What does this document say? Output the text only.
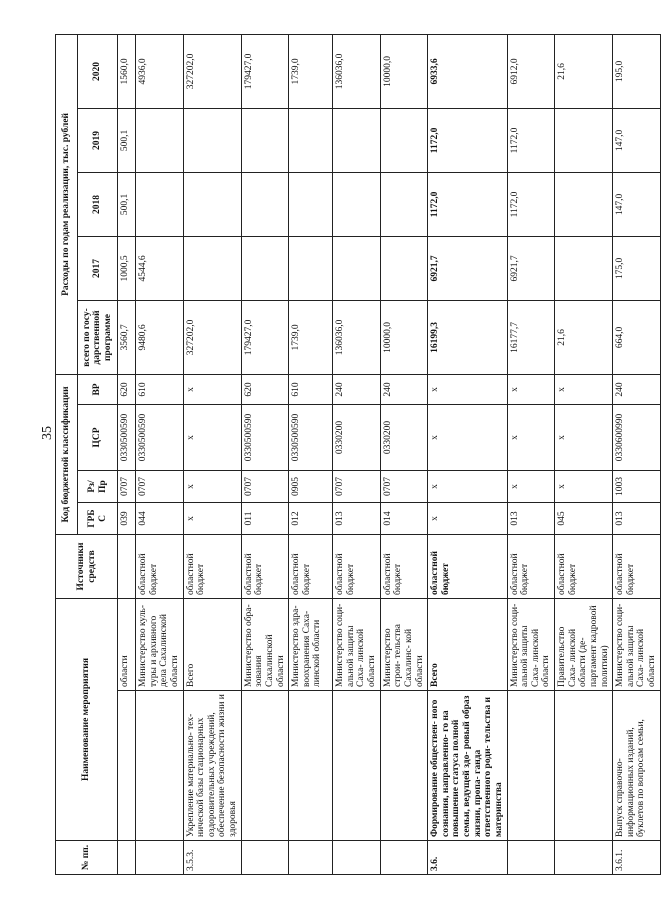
35
№ пп.	Наименование мероприятия		Источники средств	Код бюджетной классификации				Расходы по годам реализации, тыс. рублей				
				ГРБ С	Рз/ Пр	ЦСР	ВР	всего по госу- дарственной программе	2017	2018	2019	2020
		области		039	0707	0330500590	620	3560,7	1000,5	500,1	500,1	1560,0
		Министерство куль- туры и архивного дела Сахалинской области	областной бюджет	044	0707	0330500590	610	9480,6	4544,6			4936,0
3.5.3.	Укрепление материально- тех- нической базы стационарных оздоровительных учреждений, обеспечение безопасности жизни и здоровья	Всего	областной бюджет	х	х	х	х	327202,0				327202,0
		Министерство обра- зования Сахалинской области	областной бюджет	011	0707	0330500590	620	179427,0				179427,0
		Министерство здра- воохранения Саха- линской области	областной бюджет	012	0905	0330500590	610	1739,0				1739,0
		Министерство соци- альной защиты Саха- линской области	областной бюджет	013	0707	0330200	240	136036,0				136036,0
		Министерство строи- тельства Сахалинс- кой области	областной бюджет	014	0707	0330200	240	10000,0				10000,0
3.6.	Формирование обществен- ного сознания, направленно- го на повышение статуса полной семьи, ведущей здо- ровый образ жизни, пропа- ганда ответственного роди- тельства и материнства	Всего	областной бюджет	х	х	х	х	16199,3	6921,7	1172,0	1172,0	6933,6
		Министерство соци- альной защиты Саха- линской области	областной бюджет	013	х	х	х	16177,7	6921,7	1172,0	1172,0	6912,0
		Правительство Саха- линской области (де- партамент кадровой политики)	областной бюджет	045	х	х	х	21,6				21,6
3.6.1.	Выпуск справочно- информационных изданий, буклетов по вопросам семьи,	Министерство соци- альной защиты Саха- линской области	областной бюджет	013	1003	0330600990	240	664,0	175,0	147,0	147,0	195,0
